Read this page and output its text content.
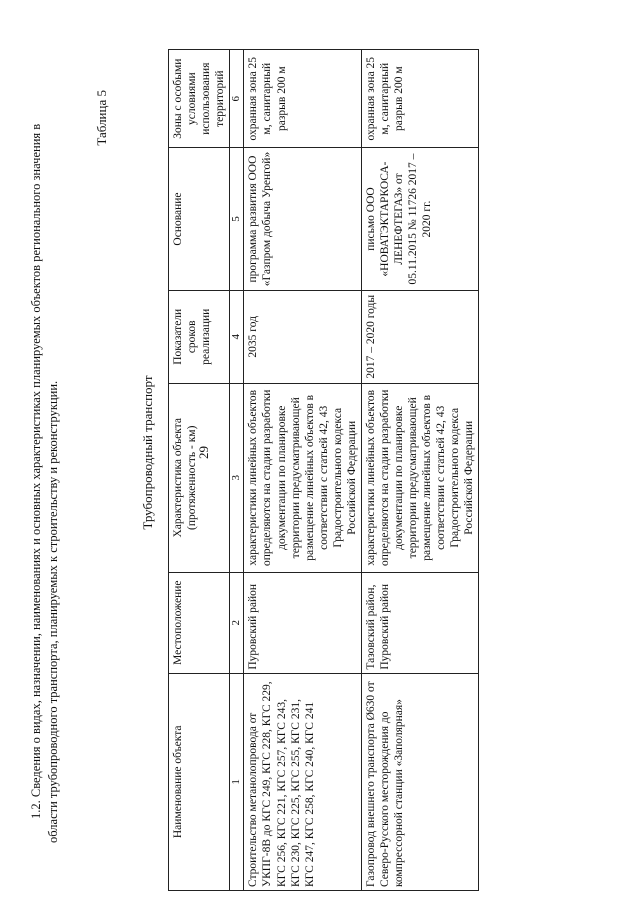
29

1.2. Сведения о видах, назначении, наименованиях и основных характеристиках планируемых объектов регионального значения в области трубопроводного транспорта, планируемых к строительству и реконструкции.

Таблица 5
Трубопроводный транспорт
Наименование объекта	Местоположение	Характеристика объекта (протяженность - км)	Показатели сроков реализации	Основание	Зоны с особыми условиями использования территорий
1	2	3	4	5	6
Строительство метанолопровода от УКПГ-8В до КГС 249, КГС 228, КГС 229, КГС 256, КГС 221, КГС 257, КГС 243, КГС 230, КГС 225, КГС 255, КГС 231, КГС 247, КГС 258, КГС 240, КГС 241	Пуровский район	характеристики линейных объектов определяются на стадии разработки документации по планировке территории предусматривающей размещение линейных объектов в соответствии с статьей 42, 43 Градостроительного кодекса Российской Федерации	2035 год	программа развития ООО «Газпром добыча Уренгой»	охранная зона 25 м, санитарный разрыв 200 м
Газопровод внешнего транспорта Ø630 от Северо-Русского месторождения до компрессорной станции «Заполярная»	Тазовский район, Пуровский район	характеристики линейных объектов определяются на стадии разработки документации по планировке территории предусматривающей размещение линейных объектов в соответствии с статьей 42, 43 Градостроительного кодекса Российской Федерации	2017 – 2020 годы	письмо ООО «НОВАТЭКТАРКОСА-ЛЕНЕФТЕГАЗ» от 05.11.2015 № 11726 2017 – 2020 гг.	охранная зона 25 м, санитарный разрыв 200 м
